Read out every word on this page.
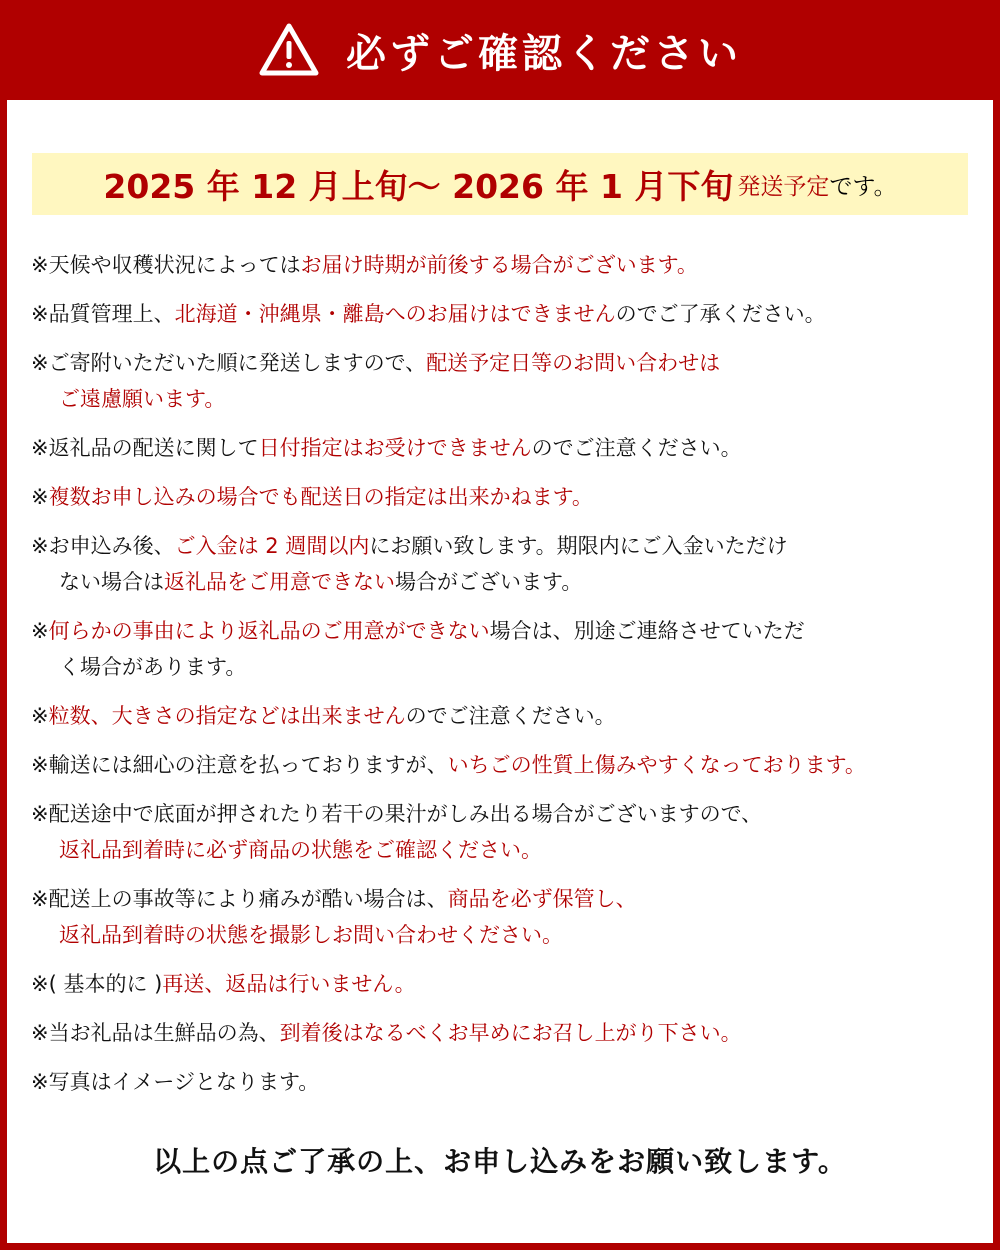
必ずご確認ください
2025 年 12 月上旬～ 2026 年 1 月下旬 発送予定 です。
※天候や収穫状況によってはお届け時期が前後する場合がございます。
※品質管理上、北海道・沖縄県・離島へのお届けはできませんのでご了承ください。
※ご寄附いただいた順に発送しますので、配送予定日等のお問い合わせは
ご遠慮願います。
※返礼品の配送に関して日付指定はお受けできませんのでご注意ください。
※複数お申し込みの場合でも配送日の指定は出来かねます。
※お申込み後、ご入金は 2 週間以内にお願い致します。期限内にご入金いただけ
ない場合は返礼品をご用意できない場合がございます。
※何らかの事由により返礼品のご用意ができない場合は、別途ご連絡させていただ
く場合があります。
※粒数、大きさの指定などは出来ませんのでご注意ください。
※輸送には細心の注意を払っておりますが、いちごの性質上傷みやすくなっております。
※配送途中で底面が押されたり若干の果汁がしみ出る場合がございますので、
返礼品到着時に必ず商品の状態をご確認ください。
※配送上の事故等により痛みが酷い場合は、商品を必ず保管し、
返礼品到着時の状態を撮影しお問い合わせください。
※( 基本的に )再送、返品は行いません。
※当お礼品は生鮮品の為、到着後はなるべくお早めにお召し上がり下さい。
※写真はイメージとなります。
以上の点ご了承の上、お申し込みをお願い致します。
